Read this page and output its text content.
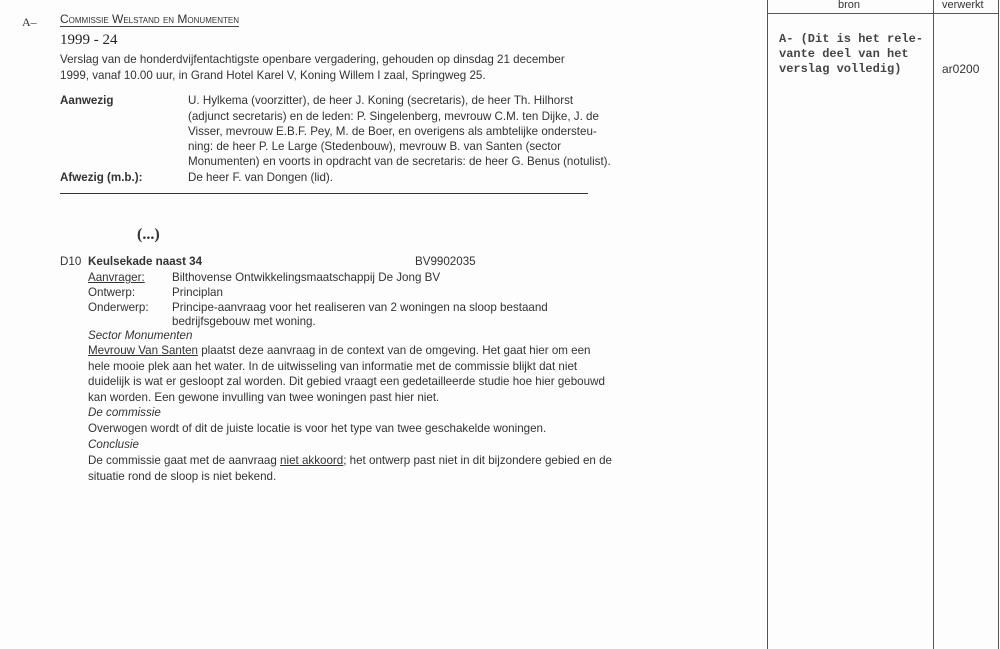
A– Commissie Welstand en Monumenten
1999 - 24
Verslag van de honderdvijfentachtigste openbare vergadering, gehouden op dinsdag 21 december
1999, vanaf 10.00 uur, in Grand Hotel Karel V, Koning Willem I zaal, Springweg 25.
Aanwezig	U. Hylkema (voorzitter), de heer J. Koning (secretaris), de heer Th. Hilhorst
(adjunct secretaris) en de leden: P. Singelenberg, mevrouw C.M. ten Dijke, J. de
Visser, mevrouw E.B.F. Pey, M. de Boer, en overigens als ambtelijke ondersteu-
ning: de heer P. Le Large (Stedenbouw), mevrouw B. van Santen (sector
Monumenten) en voorts in opdracht van de secretaris: de heer G. Benus (notulist).
Afwezig (m.b.):	De heer F. van Dongen (lid).
(...)
D10 Keulsekade naast 34	BV9902035
Aanvrager: Bilthovense Ontwikkelingsmaatschappij De Jong BV
Ontwerp:	Principlan
Onderwerp: Principe-aanvraag voor het realiseren van 2 woningen na sloop bestaand
bedrijfsgebouw met woning.
Sector Monumenten
Mevrouw Van Santen plaatst deze aanvraag in de context van de omgeving. Het gaat hier om een
hele mooie plek aan het water. In de uitwisseling van informatie met de commissie blijkt dat niet
duidelijk is wat er gesloopt zal worden. Dit gebied vraagt een gedetailleerde studie hoe hier gebouwd
kan worden. Een gewone invulling van twee woningen past hier niet.
De commissie
Overwogen wordt of dit de juiste locatie is voor het type van twee geschakelde woningen.
Conclusie
De commissie gaat met de aanvraag niet akkoord; het ontwerp past niet in dit bijzondere gebied en de
situatie rond de sloop is niet bekend.
bron	verwerkt
A- (Dit is het rele-
vante deel van het
verslag volledig)	ar0200
